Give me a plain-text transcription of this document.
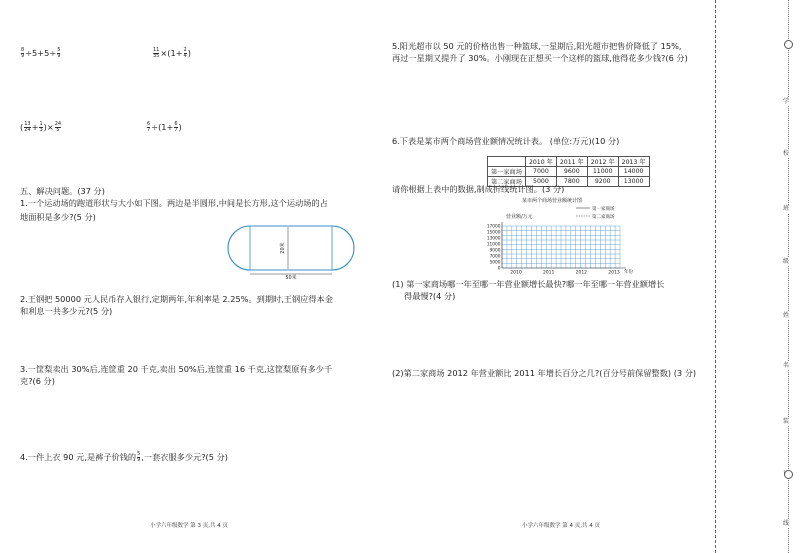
$\frac{8}{9} \div 5+5\div \frac{5}{9}$	$\frac{11}{35} \times(1+ \frac{2}{4}$ )
( $\frac{13}{24} + \frac{1}{3}$ )× $\frac{24}{5}$	$\frac{6}{7} \div(1+ \frac{6}{7}$ )
五、解决问题。(37 分)
1.一个运动场的跑道形状与大小如下图。两边是半圆形,中间是长方形,这个运动场的占
地面积是多少?(5 分)
20米
50米
2.王钢把 50000 元人民币存入银行,定期两年,年利率是 2.25%。到期时,王钢应得本金
和利息一共多少元?(5 分)
3.一筐梨卖出 30%后,连筐重 20 千克,卖出 50%后,连筐重 16 千克,这筐梨原有多少千
克?(6 分)
4.一件上衣 90 元,是裤子价钱的 $\frac{5}{9}$ ,一套衣服多少元?(5 分)
小学六年级数学 第 3 页,共 4 页
5.阳光超市以 50 元的价格出售一种篮球,一星期后,阳光超市把售价降低了 15%,
再过一星期又提升了 30%。小刚现在正想买一个这样的篮球,他得花多少钱?(6 分)
6.下表是某市两个商场营业额情况统计表。 (单位:万元)(10 分)
	2010 年	2011 年	2012 年	2013 年
第一家商场	7000	9600	11000	14000
第二家商场	5000	7800	9200	13000
请你根据上表中的数据,制成折线统计图。(3 分)
某市两个商场营业额统计图
营业额/万元
第一家商场
第二家商场
0
5000
7000
9000
11000
13000
15000
17000
2010	2011	2012	2013 年份
(1) 第一家商场哪一年至哪一年营业额增长最快?哪一年至哪一年营业额增长
得最慢?(4 分)
(2)第二家商场 2012 年营业额比 2011 年增长百分之几?(百分号前保留整数) (3 分)
小学六年级数学 第 4 页,共 4 页
学
校
班
级
姓
名
装
线
